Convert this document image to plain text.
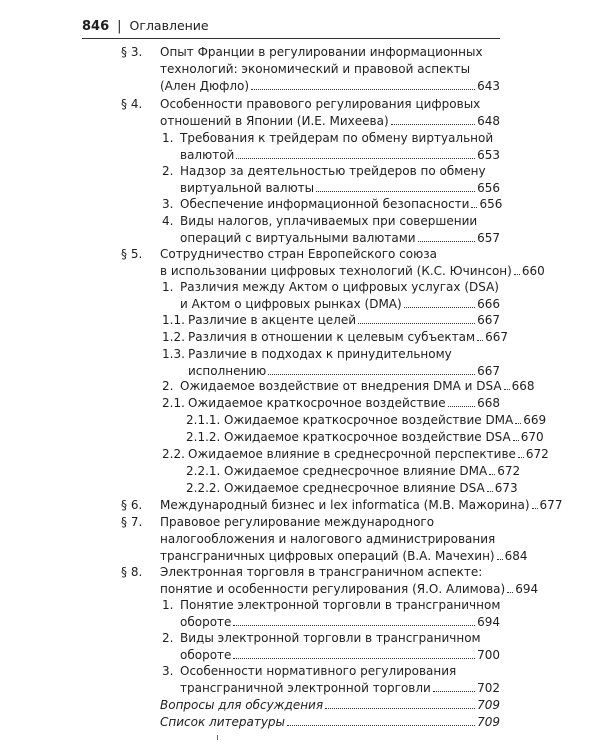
846 | Оглавление
§ 3. Опыт Франции в регулировании информационных
технологий: экономический и правовой аспекты
(Ален Дюфло)	643
§ 4. Особенности правового регулирования цифровых
отношений в Японии (И.Е. Михеева)	648
1. Требования к трейдерам по обмену виртуальной
валютой	653
2. Надзор за деятельностью трейдеров по обмену
виртуальной валюты	656
3. Обеспечение информационной безопасности 656
4. Виды налогов, уплачиваемых при совершении
операций с виртуальными валютами	657
§ 5. Сотрудничество стран Европейского союза
в использовании цифровых технологий (К.С. Ючинсон) 660
1. Различия между Актом о цифровых услугах (DSA)
и Актом о цифровых рынках (DMA)	666
1.1. Различие в акценте целей	667
1.2. Различия в отношении к целевым субъектам 667
1.3. Различие в подходах к принудительному
исполнению	667
2. Ожидаемое воздействие от внедрения DMA и DSA 668
2.1. Ожидаемое краткосрочное воздействие	668
2.1.1. Ожидаемое краткосрочное воздействие DMA 669
2.1.2. Ожидаемое краткосрочное воздействие DSA 670
2.2. Ожидаемое влияние в среднесрочной перспективе 672
2.2.1. Ожидаемое среднесрочное влияние DMA 672
2.2.2. Ожидаемое среднесрочное влияние DSA 673
§ 6. Международный бизнес и lex informatica (М.В. Мажорина) 677
§ 7. Правовое регулирование международного
налогообложения и налогового администрирования
трансграничных цифровых операций (В.А. Мачехин) 684
§ 8. Электронная торговля в трансграничном аспекте:
понятие и особенности регулирования (Я.О. Алимова) 694
1. Понятие электронной торговли в трансграничном
обороте	694
2. Виды электронной торговли в трансграничном
обороте	700
3. Особенности нормативного регулирования
трансграничной электронной торговли	702
Вопросы для обсуждения	709
Список литературы	709
